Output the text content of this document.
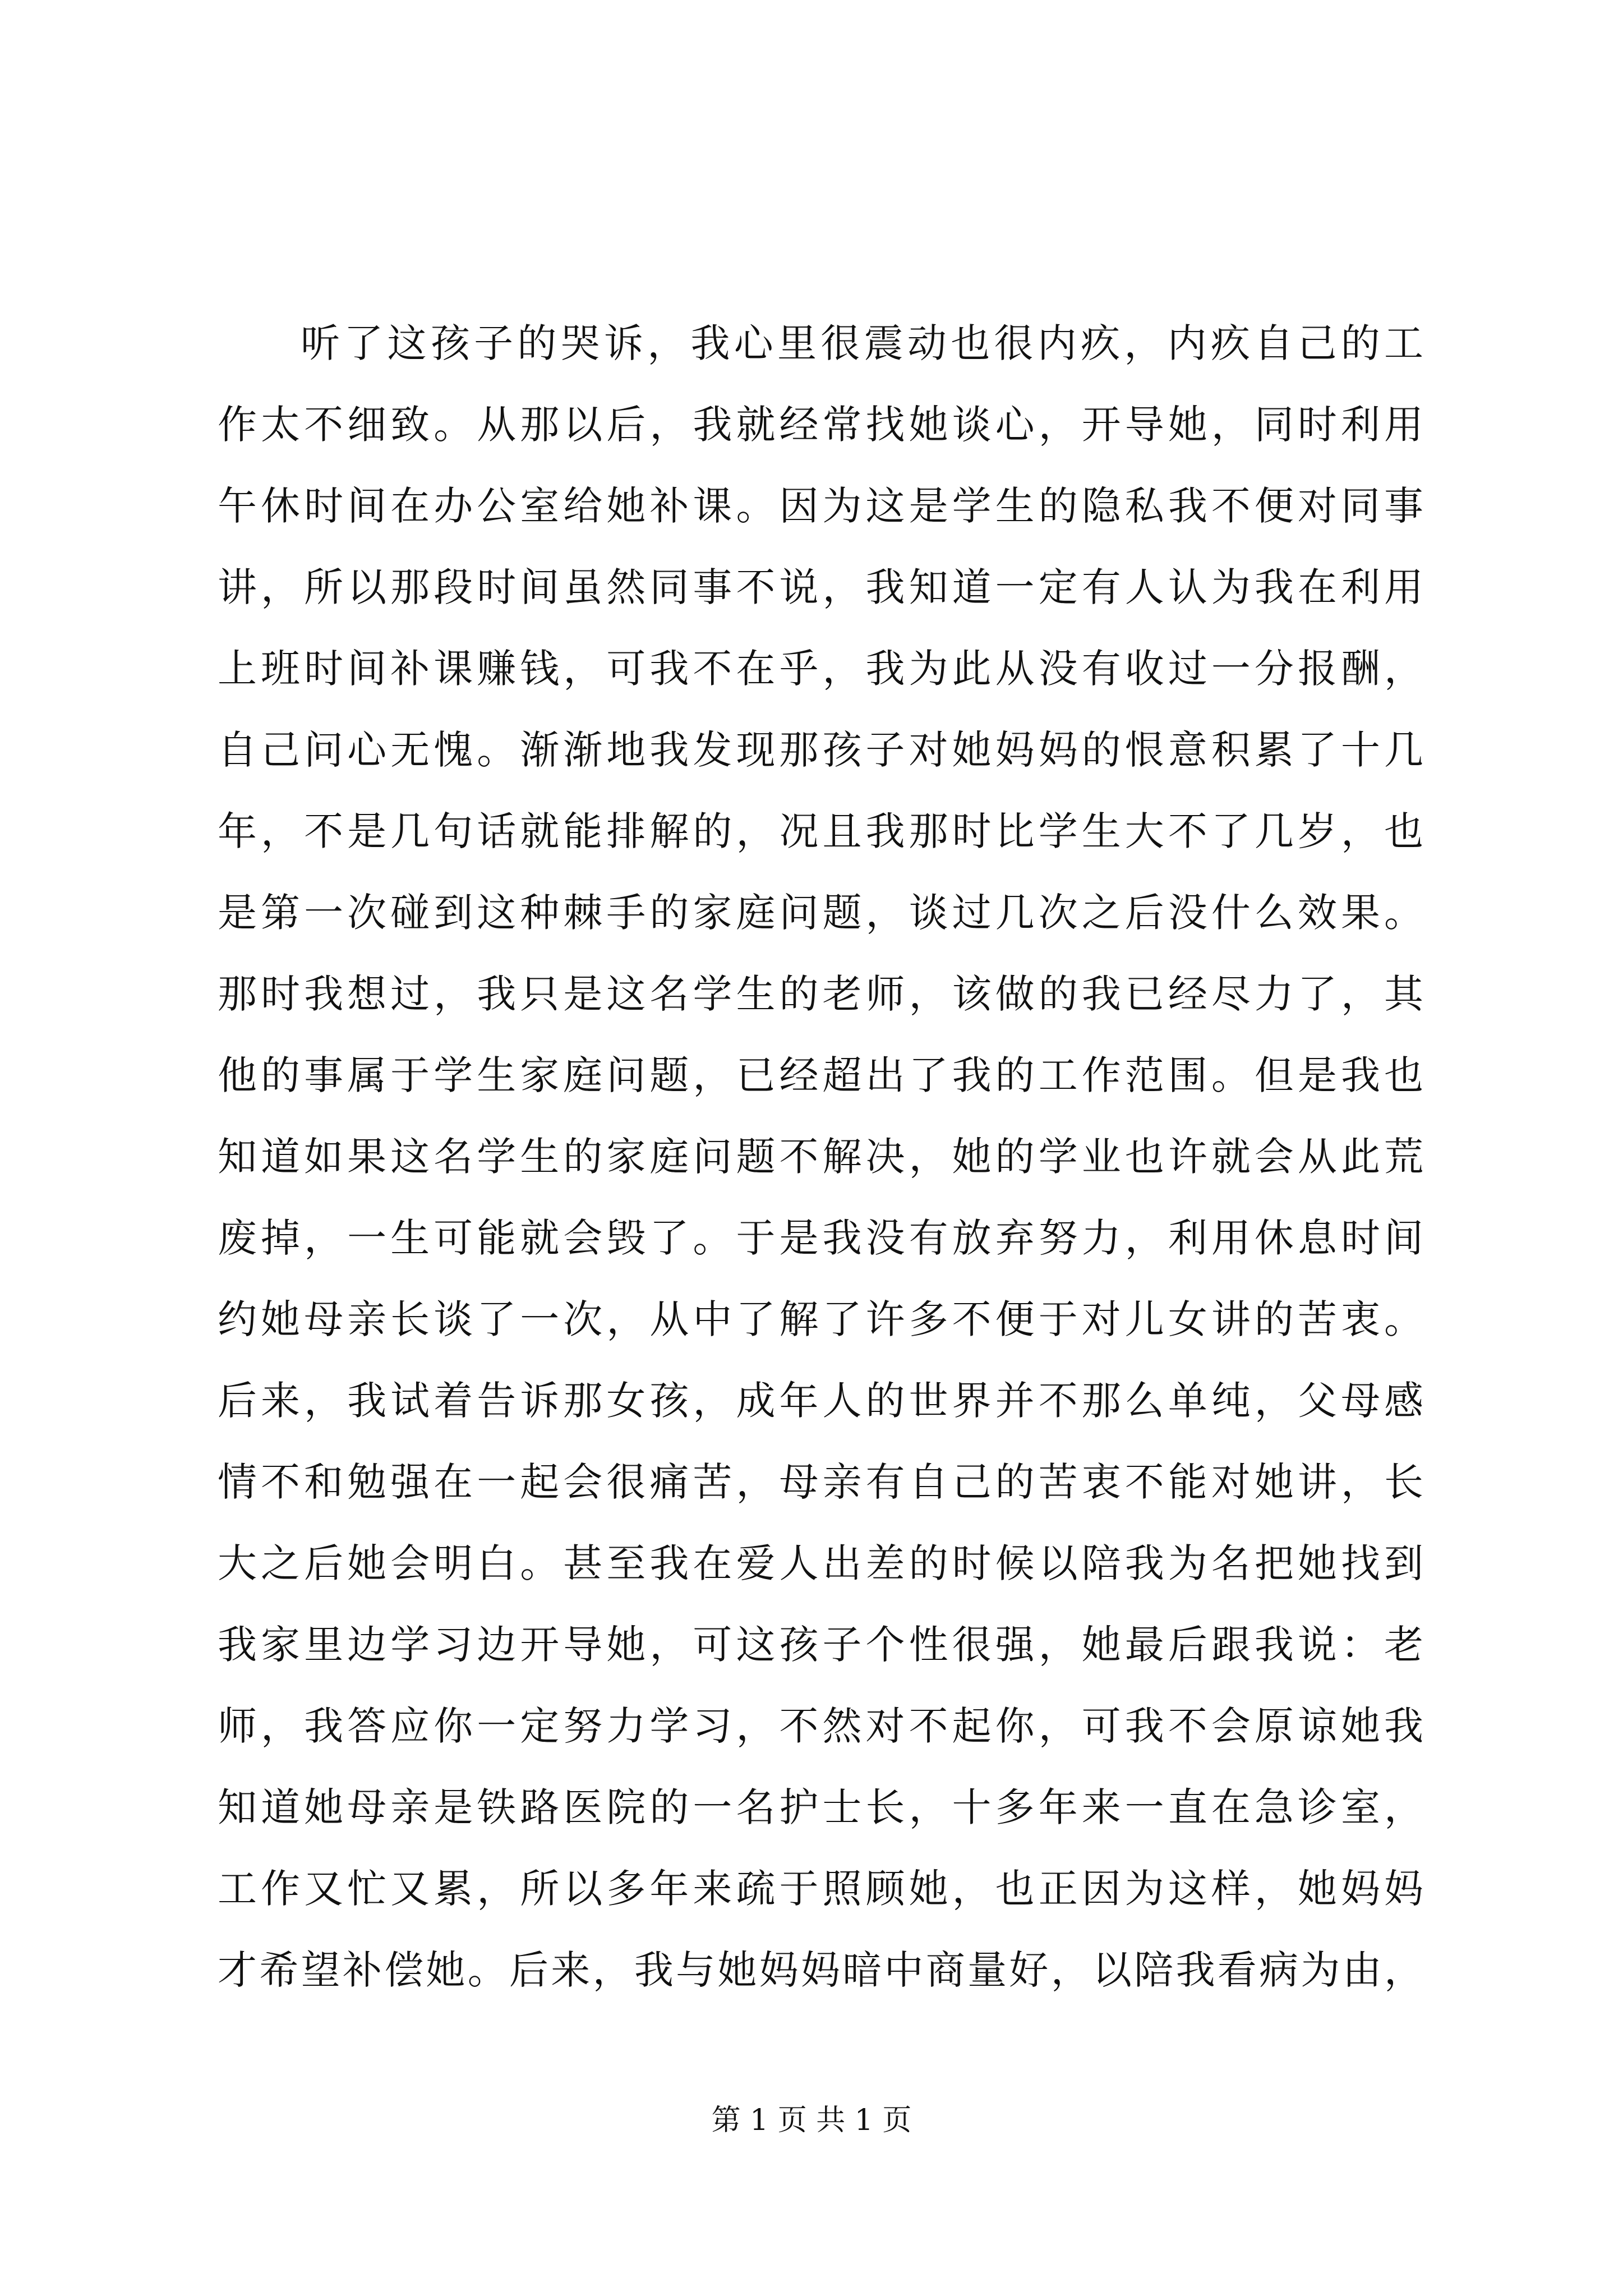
听了这孩子的哭诉，我心里很震动也很内疚，内疚自己的工
作太不细致。从那以后，我就经常找她谈心，开导她，同时利用
午休时间在办公室给她补课。因为这是学生的隐私我不便对同事
讲，所以那段时间虽然同事不说，我知道一定有人认为我在利用
上班时间补课赚钱，可我不在乎，我为此从没有收过一分报酬，
自己问心无愧。渐渐地我发现那孩子对她妈妈的恨意积累了十几
年，不是几句话就能排解的，况且我那时比学生大不了几岁，也
是第一次碰到这种棘手的家庭问题，谈过几次之后没什么效果。
那时我想过，我只是这名学生的老师，该做的我已经尽力了，其
他的事属于学生家庭问题，已经超出了我的工作范围。但是我也
知道如果这名学生的家庭问题不解决，她的学业也许就会从此荒
废掉，一生可能就会毁了。于是我没有放弃努力，利用休息时间
约她母亲长谈了一次，从中了解了许多不便于对儿女讲的苦衷。
后来，我试着告诉那女孩，成年人的世界并不那么单纯，父母感
情不和勉强在一起会很痛苦，母亲有自己的苦衷不能对她讲，长
大之后她会明白。甚至我在爱人出差的时候以陪我为名把她找到
我家里边学习边开导她，可这孩子个性很强，她最后跟我说：老
师，我答应你一定努力学习，不然对不起你，可我不会原谅她我
知道她母亲是铁路医院的一名护士长，十多年来一直在急诊室，
工作又忙又累，所以多年来疏于照顾她，也正因为这样，她妈妈
才希望补偿她。后来，我与她妈妈暗中商量好，以陪我看病为由，
第 1 页 共 1 页
